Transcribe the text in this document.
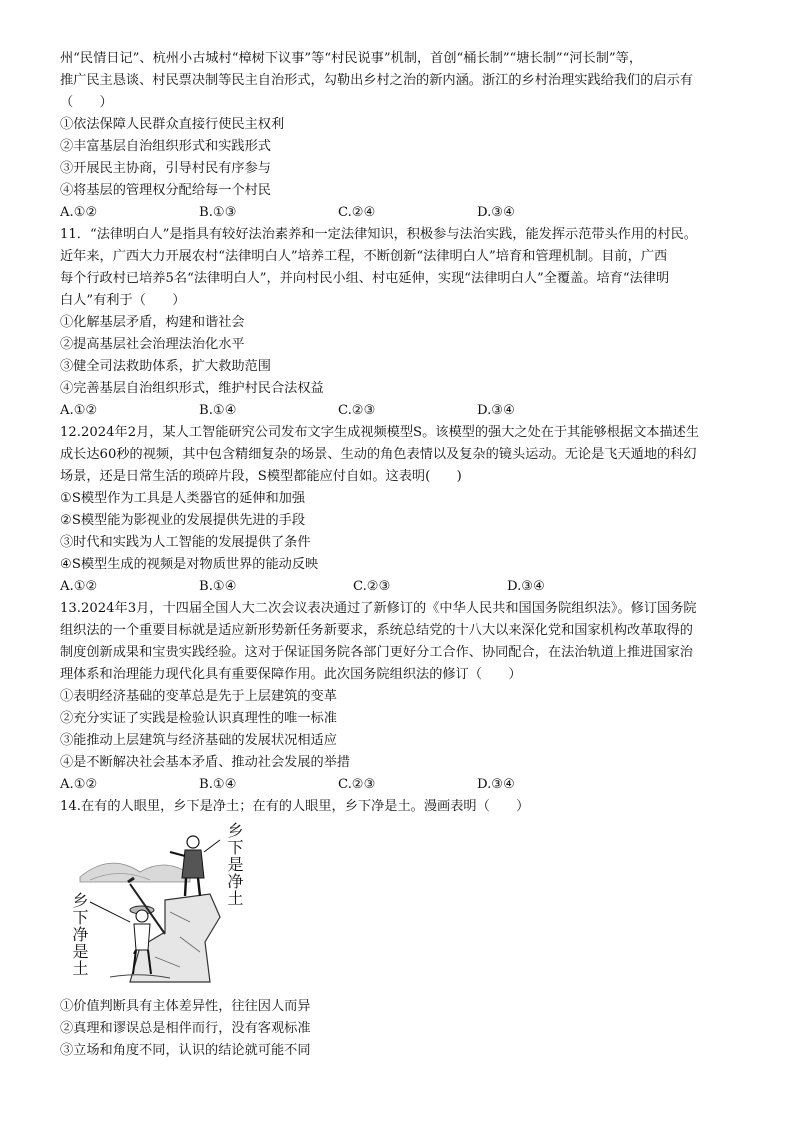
州“民情日记”、杭州小古城村“樟树下议事”等“村民说事”机制，首创“桶长制”“塘长制”“河长制”等，

推广民主恳谈、村民票决制等民主自治形式，勾勒出乡村之治的新内涵。浙江的乡村治理实践给我们的启示有

（　　）

①依法保障人民群众直接行使民主权利

②丰富基层自治组织形式和实践形式

③开展民主协商，引导村民有序参与

④将基层的管理权分配给每一个村民

A.①②	B.①③	C.②④	D.③④

11．“法律明白人”是指具有较好法治素养和一定法律知识，积极参与法治实践，能发挥示范带头作用的村民。

近年来，广西大力开展农村“法律明白人”培养工程，不断创新“法律明白人”培育和管理机制。目前，广西

每个行政村已培养5名“法律明白人”，并向村民小组、村屯延伸，实现“法律明白人”全覆盖。培育“法律明

白人”有利于（　　）

①化解基层矛盾，构建和谐社会

②提高基层社会治理法治化水平

③健全司法救助体系，扩大救助范围

④完善基层自治组织形式，维护村民合法权益

A.①②	B.①④	C.②③	D.③④

12.2024年2月，某人工智能研究公司发布文字生成视频模型S。该模型的强大之处在于其能够根据文本描述生

成长达60秒的视频，其中包含精细复杂的场景、生动的角色表情以及复杂的镜头运动。无论是飞天遁地的科幻

场景，还是日常生活的琐碎片段，S模型都能应付自如。这表明(　　)

①S模型作为工具是人类器官的延伸和加强

②S模型能为影视业的发展提供先进的手段

③时代和实践为人工智能的发展提供了条件

④S模型生成的视频是对物质世界的能动反映

A.①②	B.①④	C.②③	D.③④

13.2024年3月，十四届全国人大二次会议表决通过了新修订的《中华人民共和国国务院组织法》。修订国务院

组织法的一个重要目标就是适应新形势新任务新要求，系统总结党的十八大以来深化党和国家机构改革取得的

制度创新成果和宝贵实践经验。这对于保证国务院各部门更好分工合作、协同配合，在法治轨道上推进国家治

理体系和治理能力现代化具有重要保障作用。此次国务院组织法的修订（　　）

①表明经济基础的变革总是先于上层建筑的变革

②充分实证了实践是检验认识真理性的唯一标准

③能推动上层建筑与经济基础的发展状况相适应

④是不断解决社会基本矛盾、推动社会发展的举措

A.①②	B.①④	C.②③	D.③④

14.在有的人眼里，乡下是净土；在有的人眼里，乡下净是土。漫画表明（　　）

乡下是净土
乡下净是土

①价值判断具有主体差异性，往往因人而异

②真理和谬误总是相伴而行，没有客观标准

③立场和角度不同，认识的结论就可能不同
